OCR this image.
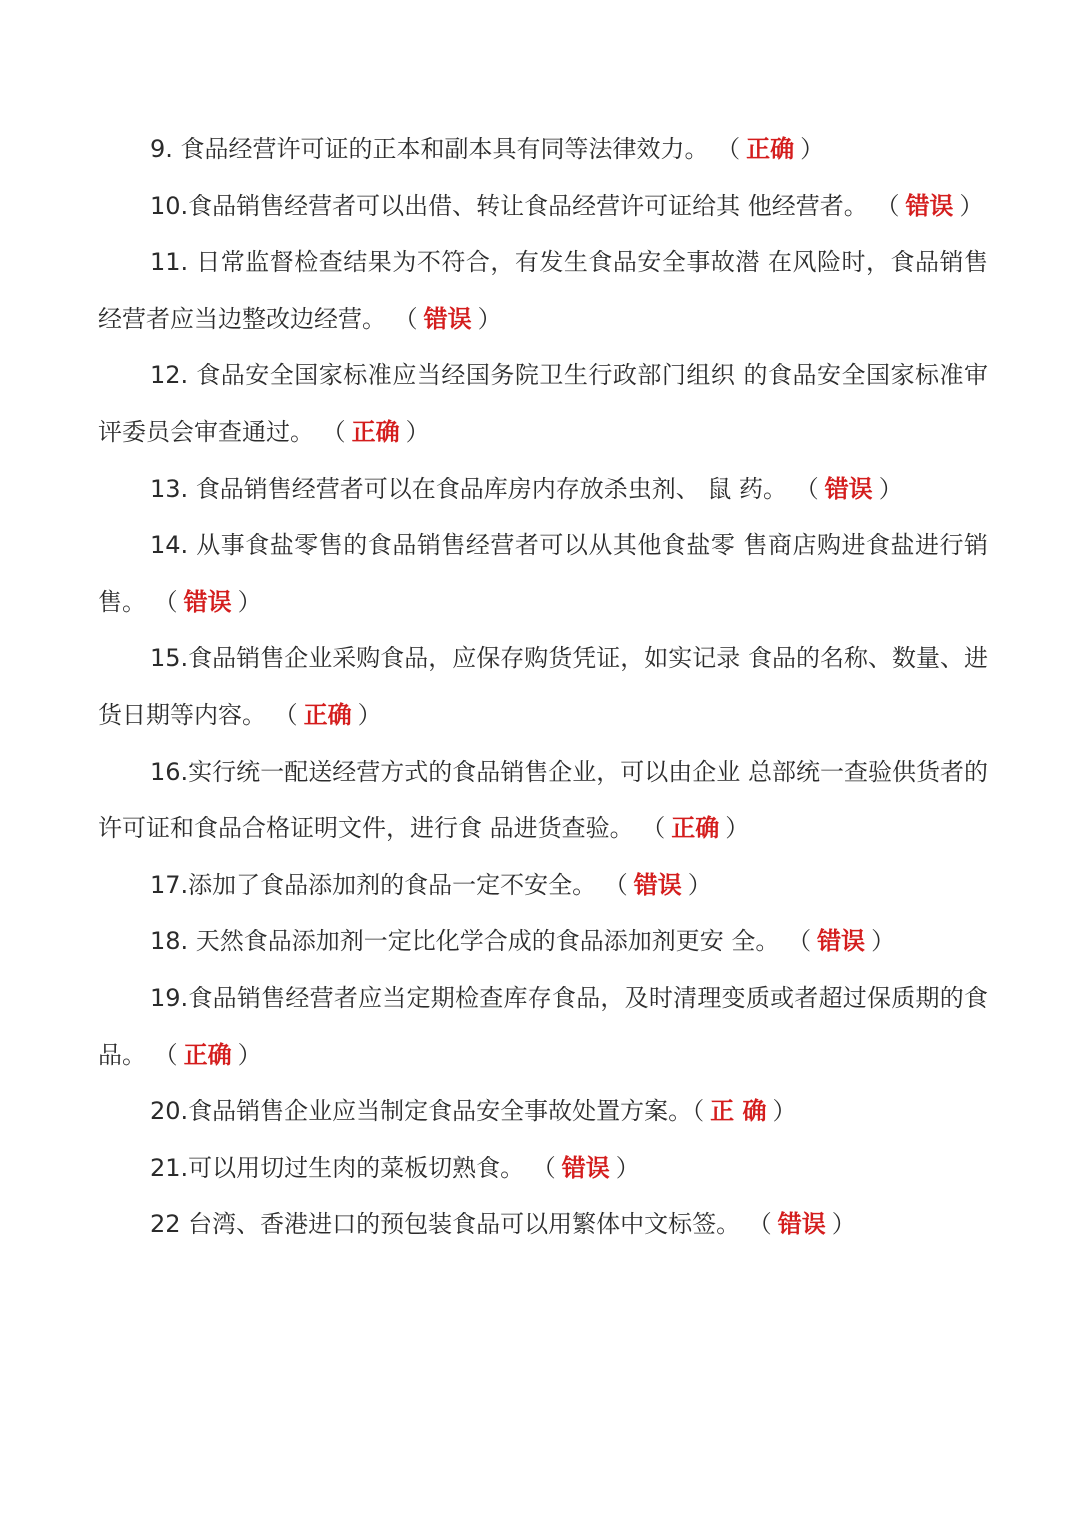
9. 食品经营许可证的正本和副本具有同等法律效力。 （ 正确 ）

10.食品销售经营者可以出借、转让食品经营许可证给其 他经营者。 （ 错误 ）

11. 日常监督检查结果为不符合，有发生食品安全事故潜 在风险时，食品销售经营者应当边整改边经营。 （ 错误 ）

12. 食品安全国家标准应当经国务院卫生行政部门组织 的食品安全国家标准审评委员会审查通过。 （ 正确 ）

13. 食品销售经营者可以在食品库房内存放杀虫剂、 鼠 药。 （ 错误 ）

14. 从事食盐零售的食品销售经营者可以从其他食盐零 售商店购进食盐进行销售。 （ 错误 ）

15.食品销售企业采购食品，应保存购货凭证，如实记录 食品的名称、数量、进货日期等内容。 （ 正确 ）

16.实行统一配送经营方式的食品销售企业，可以由企业 总部统一查验供货者的许可证和食品合格证明文件，进行食 品进货查验。 （ 正确 ）

17.添加了食品添加剂的食品一定不安全。 （ 错误 ）

18. 天然食品添加剂一定比化学合成的食品添加剂更安 全。 （ 错误 ）

19.食品销售经营者应当定期检查库存食品，及时清理变质或者超过保质期的食品。 （ 正确 ）

20.食品销售企业应当制定食品安全事故处置方案。（ 正 确 ）

21.可以用切过生肉的菜板切熟食。 （ 错误 ）

22 台湾、香港进口的预包装食品可以用繁体中文标签。 （ 错误 ）
